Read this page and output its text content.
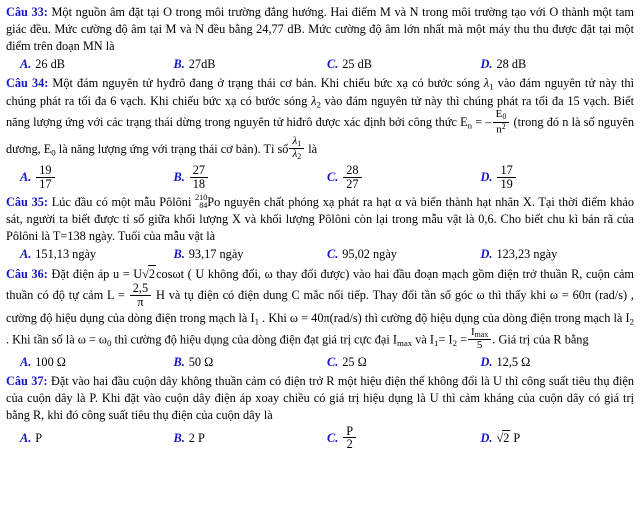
Câu 33: Một nguồn âm đặt tại O trong môi trường đẳng hướng. Hai điểm M và N trong môi trường tạo với O thành một tam giác đều. Mức cường độ âm tại M và N đều bằng 24,77 dB. Mức cường độ âm lớn nhất mà một máy thu thu được đặt tại một điểm trên đoạn MN là
A. 26 dB	B. 27dB	C. 25 dB	D. 28 dB
Câu 34: Một đám nguyên tử hyđrô đang ở trạng thái cơ bản. Khi chiếu bức xạ có bước sóng $\lambda_1$ vào đám nguyên tử này thì chúng phát ra tối đa 6 vạch. Khi chiếu bức xạ có bước sóng $\lambda_2$ vào đám nguyên tử này thì chúng phát ra tối đa 15 vạch. Biết năng lượng ứng với các trạng thái dừng trong nguyên tử hiđrô được xác định bởi công thức $E_n$ = – $\frac{E_0}{n^2}$ (trong đó n là số nguyên dương, $E_0$ là năng lượng ứng với trạng thái cơ bản). Tỉ số $\frac{\lambda_1}{\lambda_2}$ là
A. $\frac{19}{17}$	B. $\frac{27}{18}$	C. $\frac{28}{27}$	D. $\frac{17}{19}$
Câu 35: Lúc đầu có một mẫu Pôlôni 210
84 Po nguyên chất phóng xạ phát ra hạt α và biến thành hạt nhân X. Tại thời điểm khảo sát, người ta biết được tỉ số giữa khối lượng X và khối lượng Pôlôni còn lại trong mẫu vật là 0,6. Cho biết chu kì bán rã của Pôlôni là T=138 ngày. Tuổi của mẫu vật là
A. 151,13 ngày	B. 93,17 ngày	C. 95,02 ngày	D. 123,23 ngày
Câu 36: Đặt điện áp u = U√2cosωt ( U không đổi, ω thay đổi được) vào hai đầu đoạn mạch gồm điện trở thuần R, cuộn cảm thuần có độ tự cảm $L = \frac{2,5}{\pi}$ H và tụ điện có điện dung C mắc nối tiếp. Thay đổi tần số góc ω thì thấy khi ω = 60π (rad/s) , cường độ hiệu dụng của dòng điện trong mạch là $I_1$ . Khi ω = 40π(rad/s) thì cường độ hiệu dụng của dòng điện trong mạch là $I_2$ . Khi tần số là $\omega = \omega_0$ thì cường độ hiệu dụng của dòng điện đạt giá trị cực đại $I_{max}$ và $I_1= I_2 = \frac{I_{max}}{5}$ . Giá trị của R bằng
A. 100 Ω	B. 50 Ω	C. 25 Ω	D. 12,5 Ω
Câu 37: Đặt vào hai đầu cuộn dây không thuần cảm có điện trở R một hiệu điện thế không đổi là U thì công suất tiêu thụ điện của cuộn dây là P. Khi đặt vào cuộn dây điện áp xoay chiều có giá trị hiệu dụng là U thì cảm kháng của cuộn dây có giá trị bằng R, khi đó công suất tiêu thụ điện của cuộn dây là
A. P	B. 2 P	C. $\frac{P}{2}$	D. √2 P
